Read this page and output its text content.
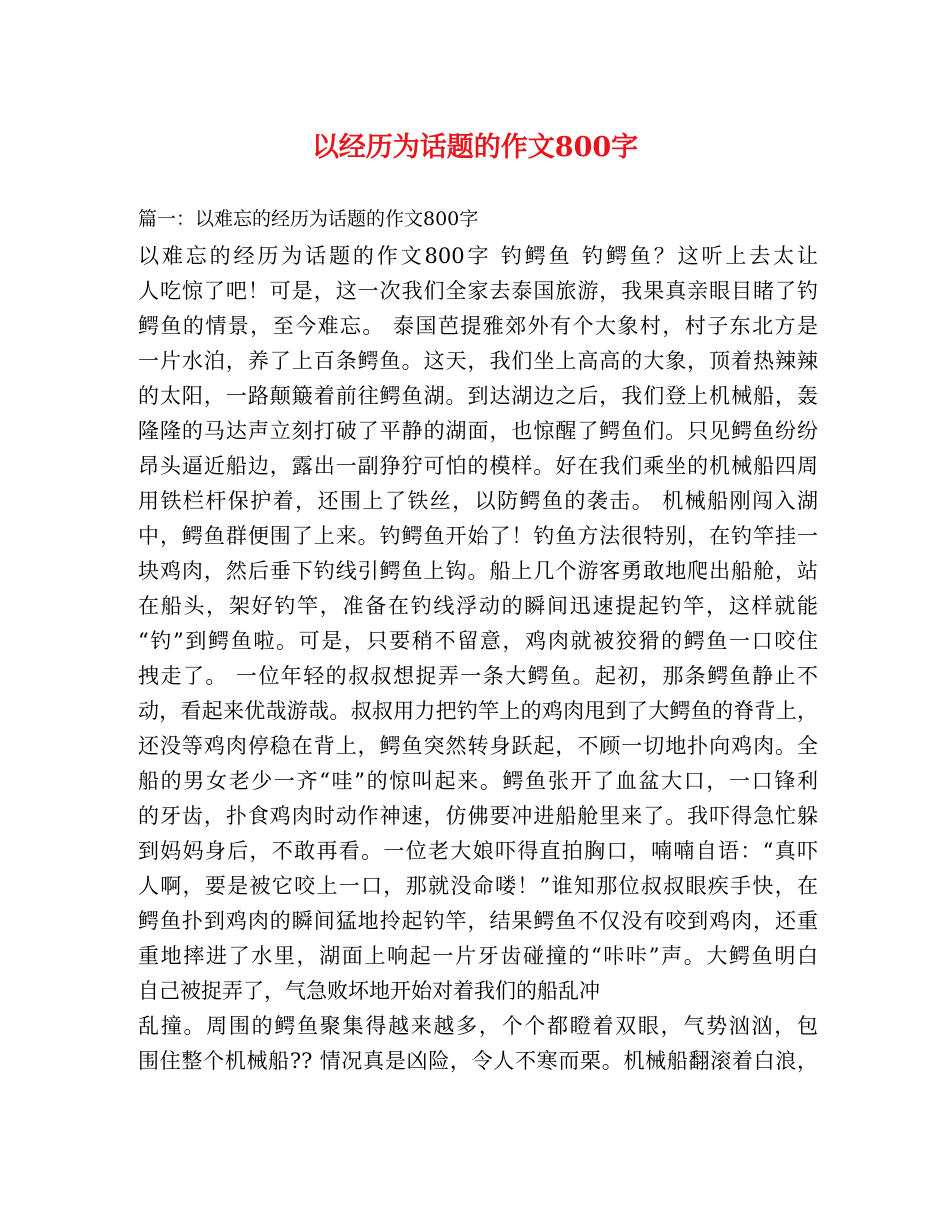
以经历为话题的作文800字
篇一：以难忘的经历为话题的作文800字
以难忘的经历为话题的作文800字 钓鳄鱼 钓鳄鱼？这听上去太让
人吃惊了吧！可是，这一次我们全家去泰国旅游，我果真亲眼目睹了钓
鳄鱼的情景，至今难忘。 泰国芭提雅郊外有个大象村，村子东北方是
一片水泊，养了上百条鳄鱼。这天，我们坐上高高的大象，顶着热辣辣
的太阳，一路颠簸着前往鳄鱼湖。到达湖边之后，我们登上机械船，轰
隆隆的马达声立刻打破了平静的湖面，也惊醒了鳄鱼们。只见鳄鱼纷纷
昂头逼近船边，露出一副狰狞可怕的模样。好在我们乘坐的机械船四周
用铁栏杆保护着，还围上了铁丝，以防鳄鱼的袭击。 机械船刚闯入湖
中，鳄鱼群便围了上来。钓鳄鱼开始了！钓鱼方法很特别，在钓竿挂一
块鸡肉，然后垂下钓线引鳄鱼上钩。船上几个游客勇敢地爬出船舱，站
在船头，架好钓竿，准备在钓线浮动的瞬间迅速提起钓竿，这样就能
“钓”到鳄鱼啦。可是，只要稍不留意，鸡肉就被狡猾的鳄鱼一口咬住
拽走了。 一位年轻的叔叔想捉弄一条大鳄鱼。起初，那条鳄鱼静止不
动，看起来优哉游哉。叔叔用力把钓竿上的鸡肉甩到了大鳄鱼的脊背上，
还没等鸡肉停稳在背上，鳄鱼突然转身跃起，不顾一切地扑向鸡肉。全
船的男女老少一齐“哇”的惊叫起来。鳄鱼张开了血盆大口，一口锋利
的牙齿，扑食鸡肉时动作神速，仿佛要冲进船舱里来了。我吓得急忙躲
到妈妈身后，不敢再看。一位老大娘吓得直拍胸口，喃喃自语：“真吓
人啊，要是被它咬上一口，那就没命喽！”谁知那位叔叔眼疾手快，在
鳄鱼扑到鸡肉的瞬间猛地拎起钓竿，结果鳄鱼不仅没有咬到鸡肉，还重
重地摔进了水里，湖面上响起一片牙齿碰撞的“咔咔”声。大鳄鱼明白
自己被捉弄了，气急败坏地开始对着我们的船乱冲
乱撞。周围的鳄鱼聚集得越来越多，个个都瞪着双眼，气势汹汹，包
围住整个机械船?? 情况真是凶险，令人不寒而栗。机械船翻滚着白浪，
